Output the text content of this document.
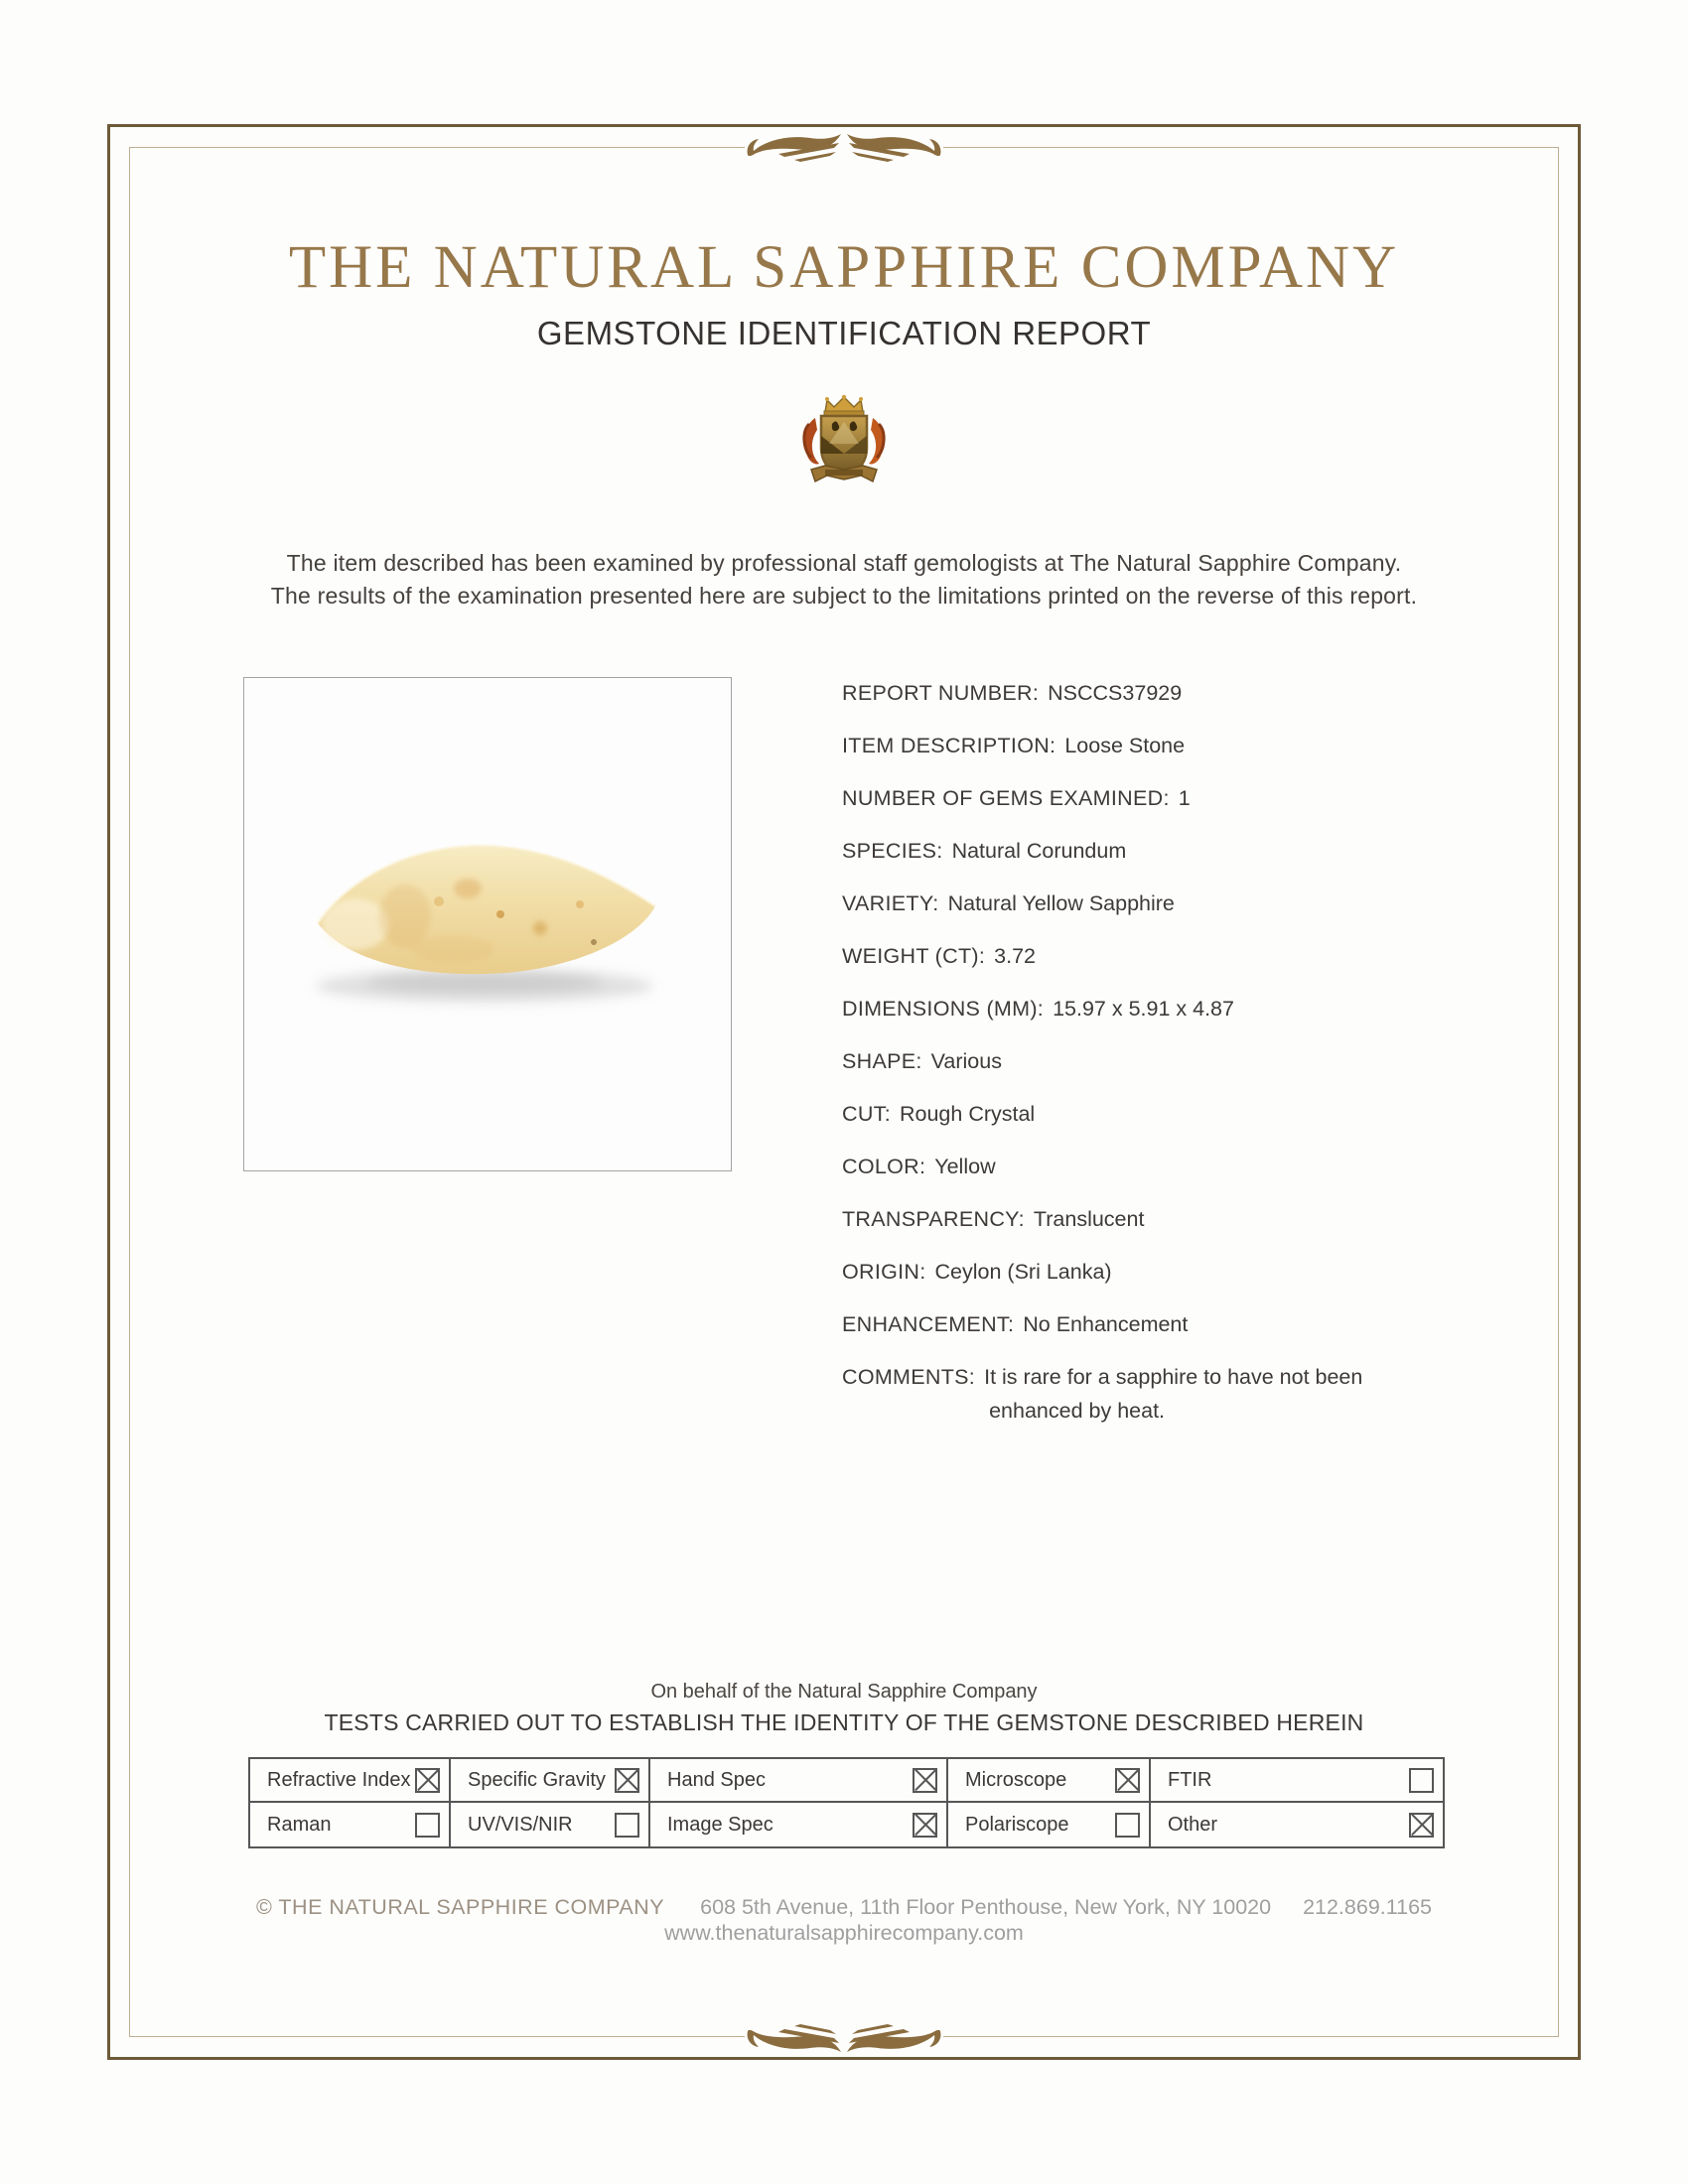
THE NATURAL SAPPHIRE COMPANY
GEMSTONE IDENTIFICATION REPORT
The item described has been examined by professional staff gemologists at The Natural Sapphire Company.
The results of the examination presented here are subject to the limitations printed on the reverse of this report.
REPORT NUMBER: NSCCS37929
ITEM DESCRIPTION: Loose Stone
NUMBER OF GEMS EXAMINED: 1
SPECIES: Natural Corundum
VARIETY: Natural Yellow Sapphire
WEIGHT (CT): 3.72
DIMENSIONS (MM): 15.97 x 5.91 x 4.87
SHAPE: Various
CUT: Rough Crystal
COLOR: Yellow
TRANSPARENCY: Translucent
ORIGIN: Ceylon (Sri Lanka)
ENHANCEMENT: No Enhancement
COMMENTS: It is rare for a sapphire to have not been
enhanced by heat.
On behalf of the Natural Sapphire Company
TESTS CARRIED OUT TO ESTABLISH THE IDENTITY OF THE GEMSTONE DESCRIBED HEREIN
Refractive Index	Specific Gravity	Hand Spec	Microscope	FTIR
Raman	UV/VIS/NIR	Image Spec	Polariscope	Other
© THE NATURAL SAPPHIRE COMPANY 608 5th Avenue, 11th Floor Penthouse, New York, NY 10020 212.869.1165
www.thenaturalsapphirecompany.com
